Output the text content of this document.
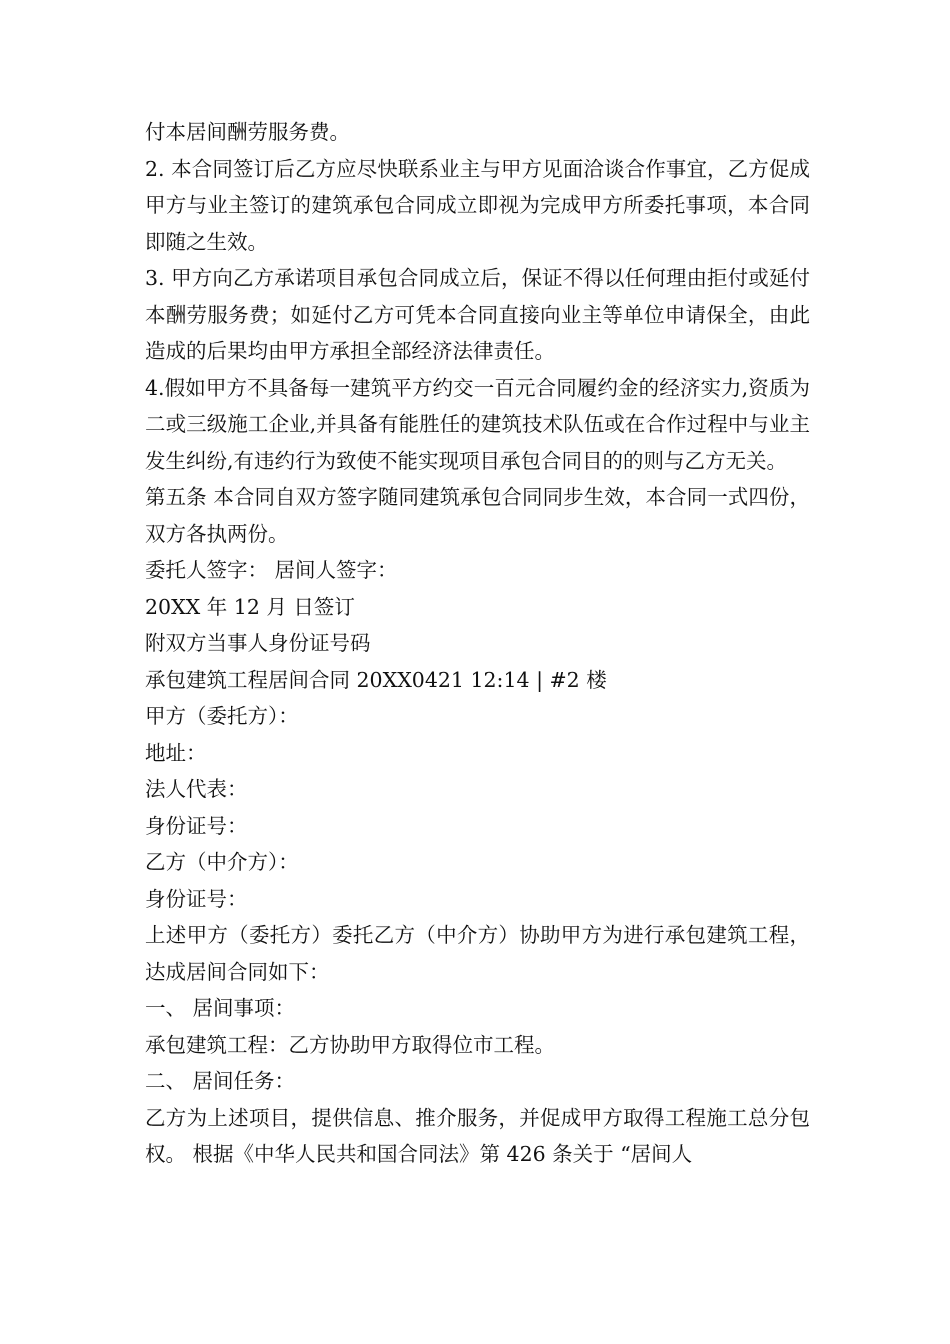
付本居间酬劳服务费。

2. 本合同签订后乙方应尽快联系业主与甲方见面洽谈合作事宜，乙方促成甲方与业主签订的建筑承包合同成立即视为完成甲方所委托事项，本合同即随之生效。

3. 甲方向乙方承诺项目承包合同成立后，保证不得以任何理由拒付或延付本酬劳服务费；如延付乙方可凭本合同直接向业主等单位申请保全，由此造成的后果均由甲方承担全部经济法律责任。

4.假如甲方不具备每一建筑平方约交一百元合同履约金的经济实力,资质为二或三级施工企业,并具备有能胜任的建筑技术队伍或在合作过程中与业主发生纠纷,有违约行为致使不能实现项目承包合同目的的则与乙方无关。

第五条 本合同自双方签字随同建筑承包合同同步生效，本合同一式四份，双方各执两份。

委托人签字： 居间人签字：

20XX 年 12 月 日签订

附双方当事人身份证号码

承包建筑工程居间合同 20XX0421 12:14 | #2 楼

甲方（委托方）：

地址：

法人代表：

身份证号：

乙方（中介方）：

身份证号：

上述甲方（委托方）委托乙方（中介方）协助甲方为进行承包建筑工程，达成居间合同如下：

一、 居间事项：

承包建筑工程：乙方协助甲方取得位市工程。

二、 居间任务：

乙方为上述项目，提供信息、推介服务，并促成甲方取得工程施工总分包权。 根据《中华人民共和国合同法》第 426 条关于 “居间人
